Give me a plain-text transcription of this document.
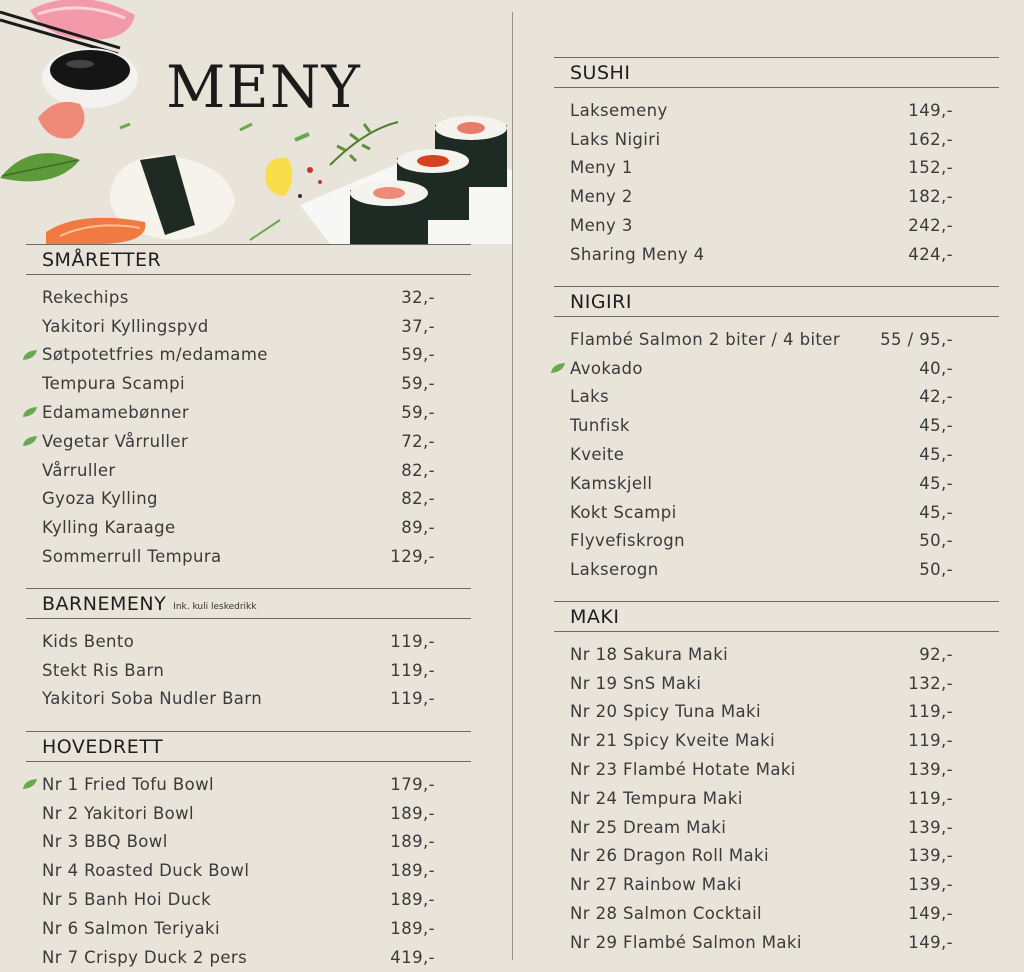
MENY
SMÅRETTER
Rekechips	32,-
Yakitori Kyllingspyd	37,-
Søtpotetfries m/edamame	59,-
Tempura Scampi	59,-
Edamamebønner	59,-
Vegetar Vårruller	72,-
Vårruller	82,-
Gyoza Kylling	82,-
Kylling Karaage	89,-
Sommerrull Tempura	129,-
BARNEMENY Ink. kuli leskedrikk
Kids Bento	119,-
Stekt Ris Barn	119,-
Yakitori Soba Nudler Barn	119,-
HOVEDRETT
Nr 1 Fried Tofu Bowl	179,-
Nr 2 Yakitori Bowl	189,-
Nr 3 BBQ Bowl	189,-
Nr 4 Roasted Duck Bowl	189,-
Nr 5 Banh Hoi Duck	189,-
Nr 6 Salmon Teriyaki	189,-
Nr 7 Crispy Duck 2 pers	419,-
SUSHI
Laksemeny	149,-
Laks Nigiri	162,-
Meny 1	152,-
Meny 2	182,-
Meny 3	242,-
Sharing Meny 4	424,-
NIGIRI
Flambé Salmon 2 biter / 4 biter 55 / 95,-
Avokado	40,-
Laks	42,-
Tunfisk	45,-
Kveite	45,-
Kamskjell	45,-
Kokt Scampi	45,-
Flyvefiskrogn	50,-
Lakserogn	50,-
MAKI
Nr 18 Sakura Maki	92,-
Nr 19 SnS Maki	132,-
Nr 20 Spicy Tuna Maki	119,-
Nr 21 Spicy Kveite Maki	119,-
Nr 23 Flambé Hotate Maki	139,-
Nr 24 Tempura Maki	119,-
Nr 25 Dream Maki	139,-
Nr 26 Dragon Roll Maki	139,-
Nr 27 Rainbow Maki	139,-
Nr 28 Salmon Cocktail	149,-
Nr 29 Flambé Salmon Maki	149,-
